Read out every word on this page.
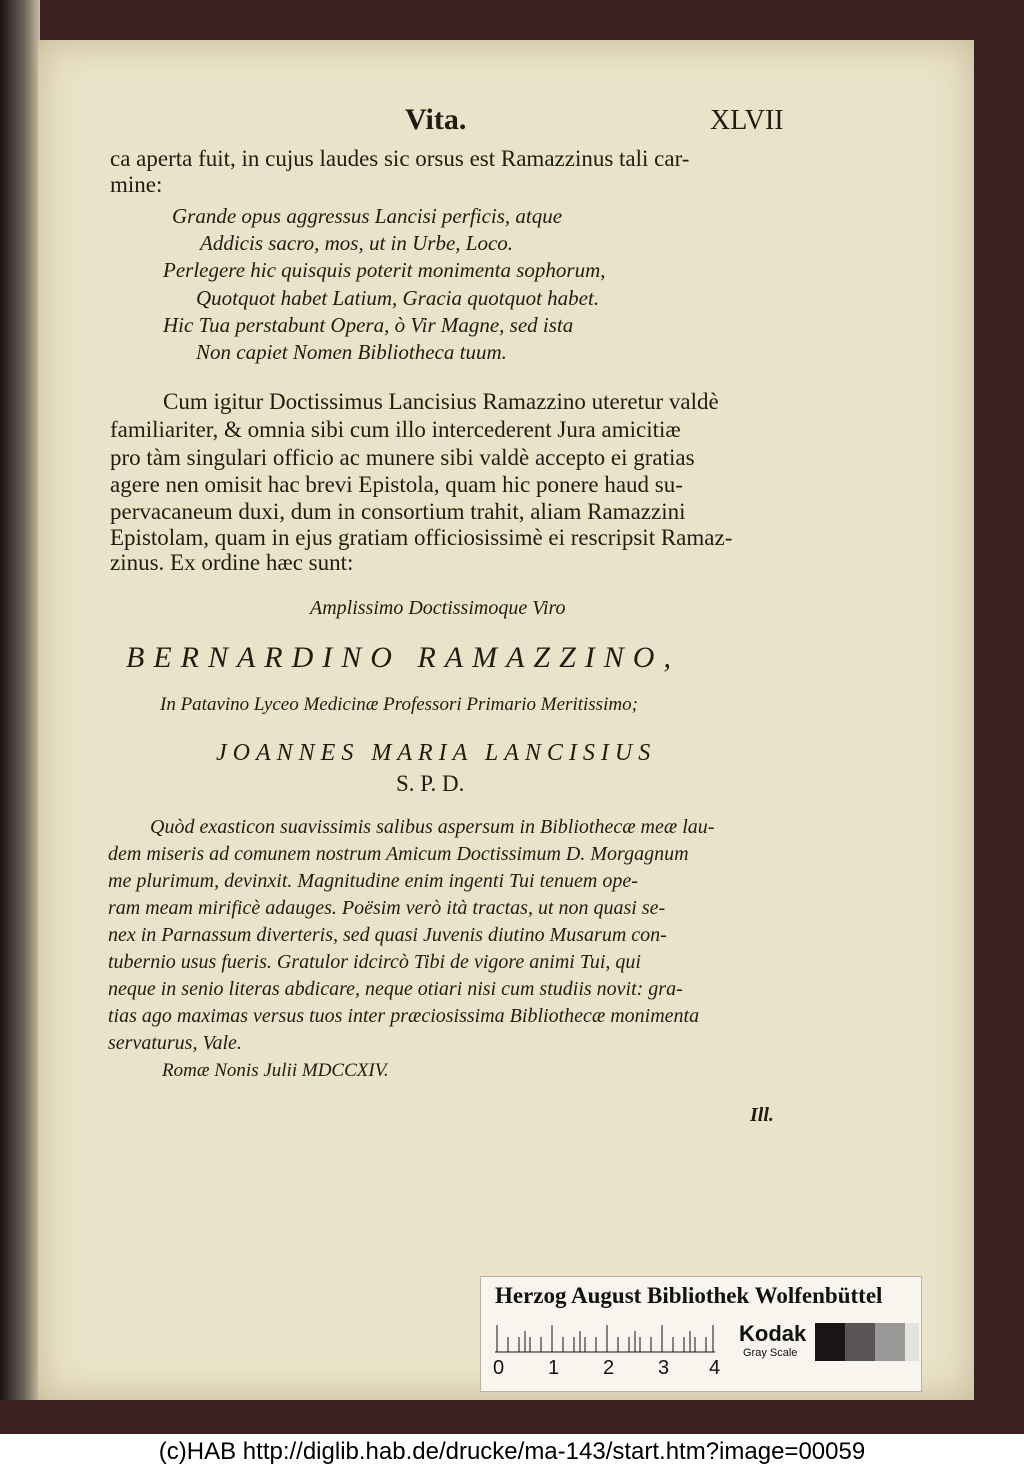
Vita.	XLVII
ca aperta fuit, in cujus laudes sic orsus est Ramazzinus tali car-
mine:
Grande opus aggressus Lancisi perficis, atque
Addicis sacro, mos, ut in Urbe, Loco.
Perlegere hic quisquis poterit monimenta sophorum,
Quotquot habet Latium, Gracia quotquot habet.
Hic Tua perstabunt Opera, ò Vir Magne, sed ista
Non capiet Nomen Bibliotheca tuum.
Cum igitur Doctissimus Lancisius Ramazzino uteretur valdè
familiariter, & omnia sibi cum illo intercederent Jura amicitiæ
pro tàm singulari officio ac munere sibi valdè accepto ei gratias
agere nen omisit hac brevi Epistola, quam hic ponere haud su-
pervacaneum duxi, dum in consortium trahit, aliam Ramazzini
Epistolam, quam in ejus gratiam officiosissimè ei rescripsit Ramaz-
zinus. Ex ordine hæc sunt:
Amplissimo Doctissimoque Viro
BERNARDINO RAMAZZINO,
In Patavino Lyceo Medicinæ Professori Primario Meritissimo;
JOANNES MARIA LANCISIUS
S. P. D.
Quòd exasticon suavissimis salibus aspersum in Bibliothecæ meæ lau-
dem miseris ad comunem nostrum Amicum Doctissimum D. Morgagnum
me plurimum, devinxit. Magnitudine enim ingenti Tui tenuem ope-
ram meam mirificè adauges. Poësim verò ità tractas, ut non quasi se-
nex in Parnassum diverteris, sed quasi Juvenis diutino Musarum con-
tubernio usus fueris. Gratulor idcircò Tibi de vigore animi Tui, qui
neque in senio literas abdicare, neque otiari nisi cum studiis novit: gra-
tias ago maximas versus tuos inter præciosissima Bibliothecæ monimenta
servaturus, Vale.
Romæ Nonis Julii MDCCXIV.
Ill.
Herzog August Bibliothek Wolfenbüttel
0 1 2 3 4
Kodak
Gray Scale
(c)HAB http://diglib.hab.de/drucke/ma-143/start.htm?image=00059
